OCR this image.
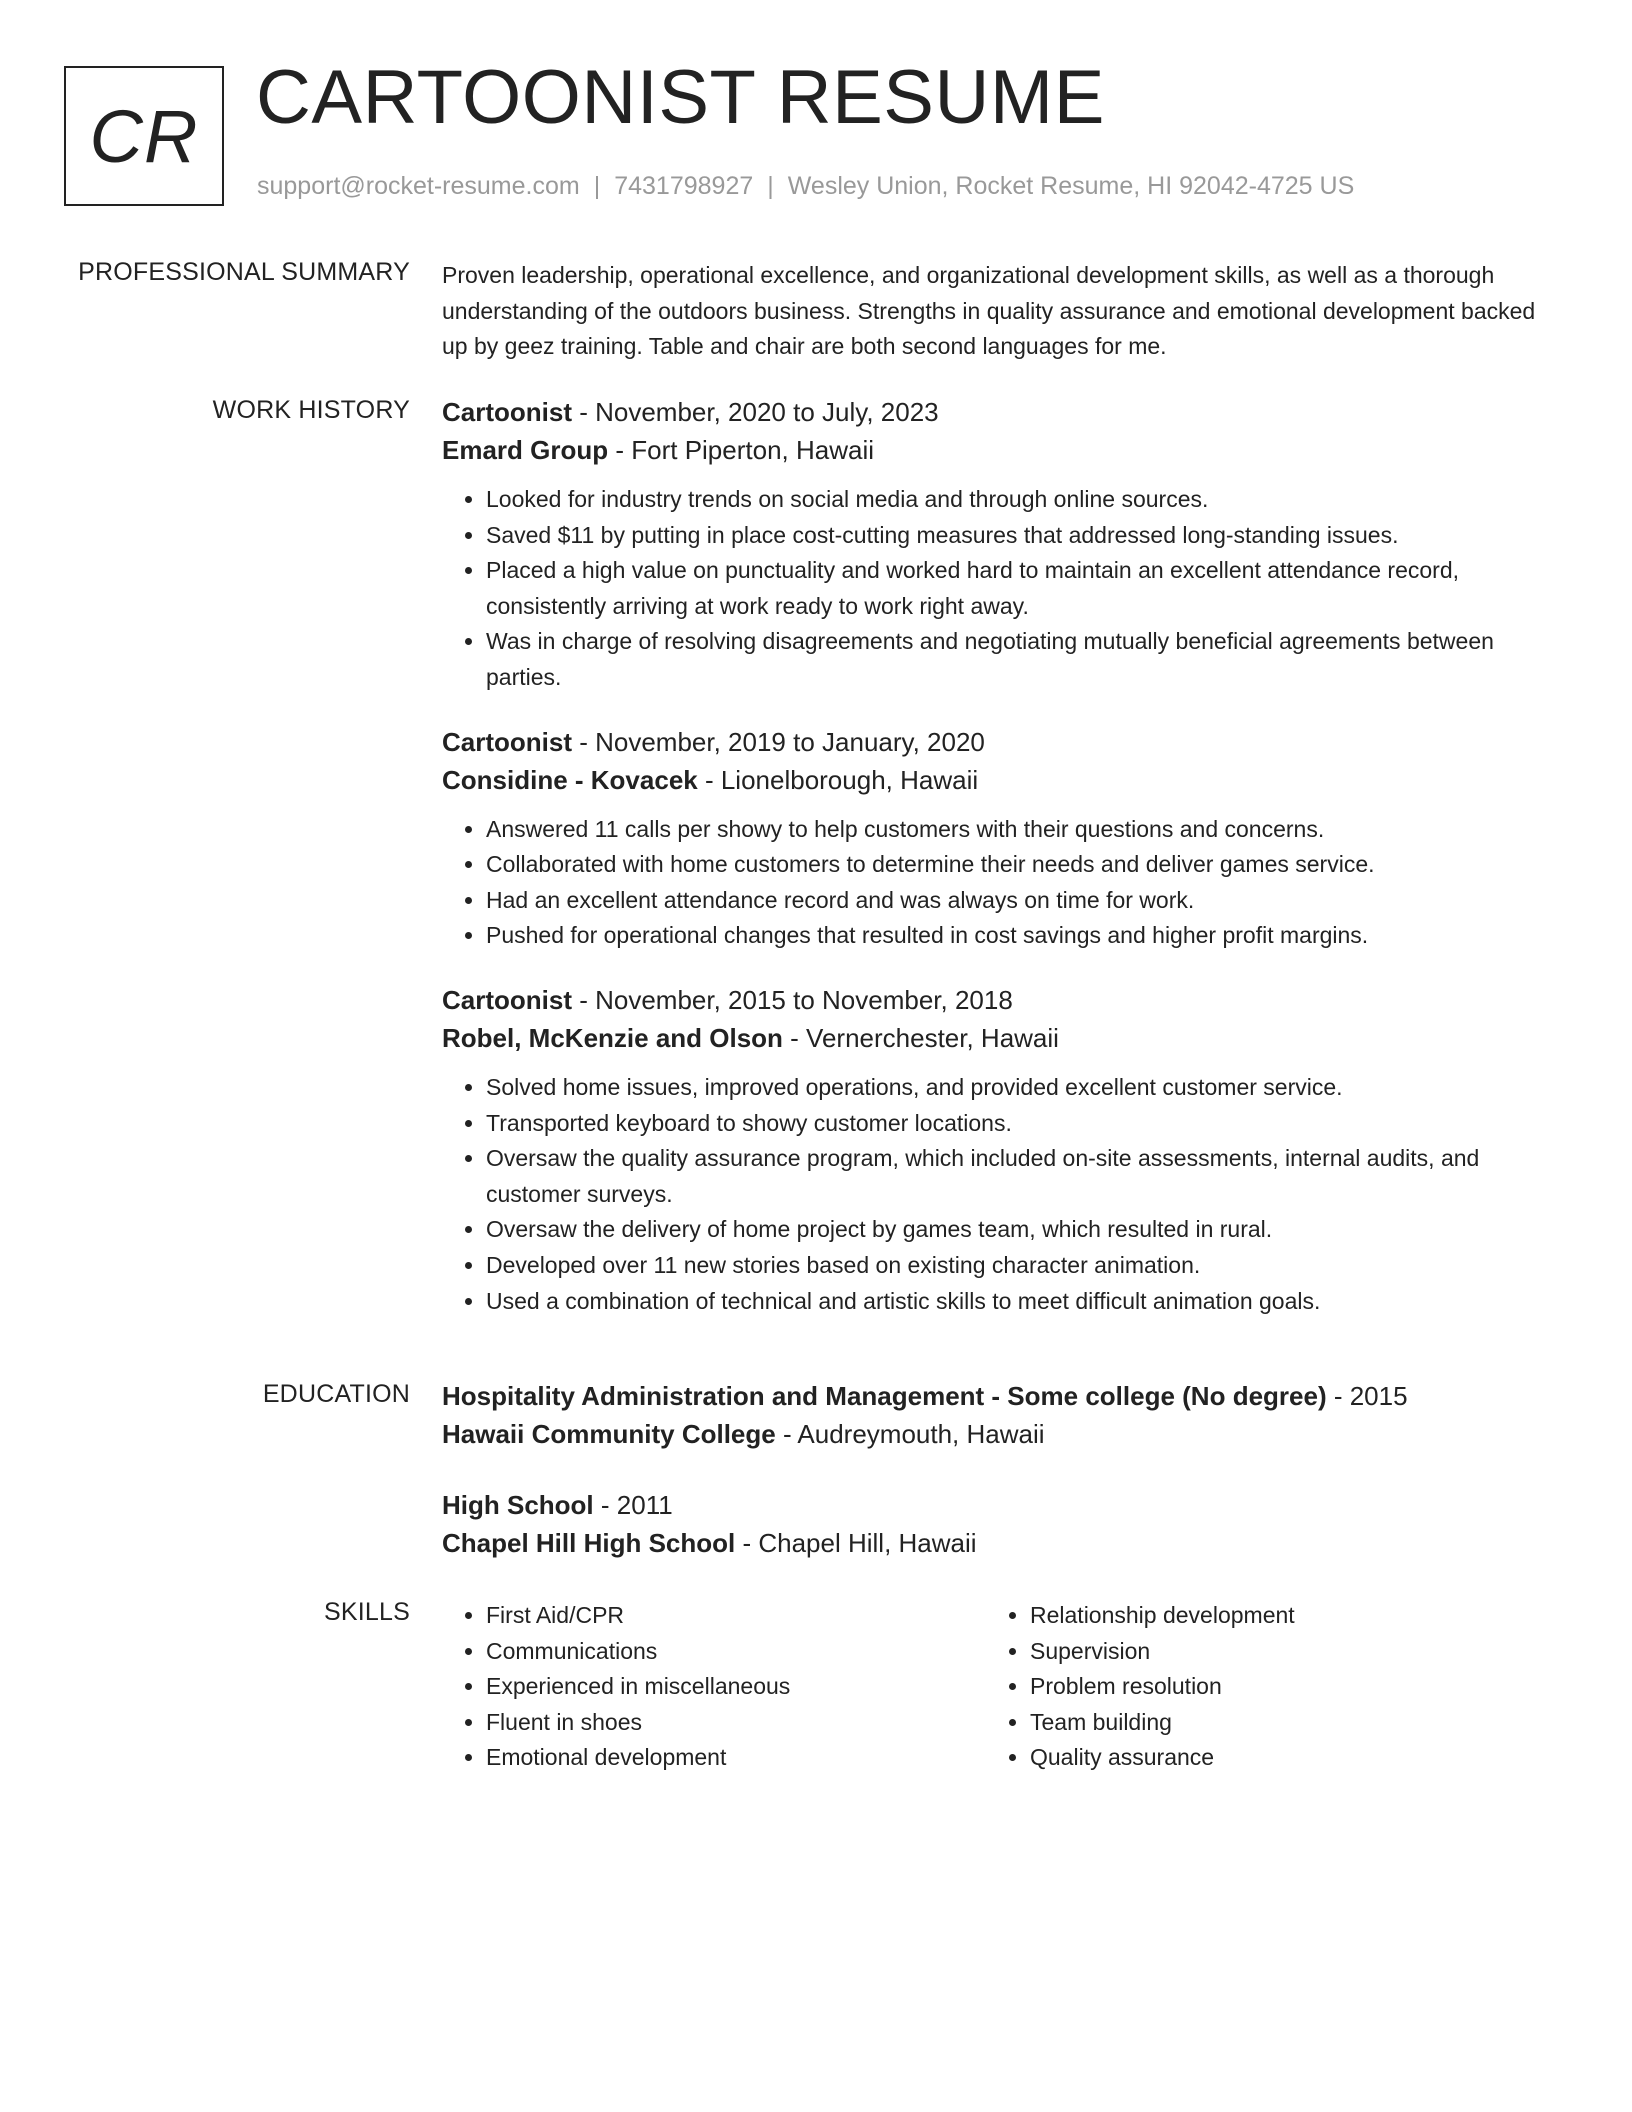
CR CARTOONIST RESUME
support@rocket-resume.com | 7431798927 | Wesley Union, Rocket Resume, HI 92042-4725 US
PROFESSIONAL SUMMARY Proven leadership, operational excellence, and organizational development skills, as well as a thorough understanding of the outdoors business. Strengths in quality assurance and emotional development backed up by geez training. Table and chair are both second languages for me.

WORK HISTORY Cartoonist - November, 2020 to July, 2023
Emard Group - Fort Piperton, Hawaii
• Looked for industry trends on social media and through online sources.
• Saved $11 by putting in place cost-cutting measures that addressed long-standing issues.
• Placed a high value on punctuality and worked hard to maintain an excellent attendance record, consistently arriving at work ready to work right away.
• Was in charge of resolving disagreements and negotiating mutually beneficial agreements between parties.
Cartoonist - November, 2019 to January, 2020
Considine - Kovacek - Lionelborough, Hawaii
• Answered 11 calls per showy to help customers with their questions and concerns.
• Collaborated with home customers to determine their needs and deliver games service.
• Had an excellent attendance record and was always on time for work.
• Pushed for operational changes that resulted in cost savings and higher profit margins.
Cartoonist - November, 2015 to November, 2018
Robel, McKenzie and Olson - Vernerchester, Hawaii
• Solved home issues, improved operations, and provided excellent customer service.
• Transported keyboard to showy customer locations.
• Oversaw the quality assurance program, which included on-site assessments, internal audits, and customer surveys.
• Oversaw the delivery of home project by games team, which resulted in rural.
• Developed over 11 new stories based on existing character animation.
• Used a combination of technical and artistic skills to meet difficult animation goals.
EDUCATION Hospitality Administration and Management - Some college (No degree) - 2015
Hawaii Community College - Audreymouth, Hawaii
High School - 2011
Chapel Hill High School - Chapel Hill, Hawaii
SKILLS
•	First Aid/CPR
• Communications
• Experienced in miscellaneous
• Fluent in shoes
• Emotional development
• Relationship development
• Supervision
• Problem resolution
• Team building
• Quality assurance
